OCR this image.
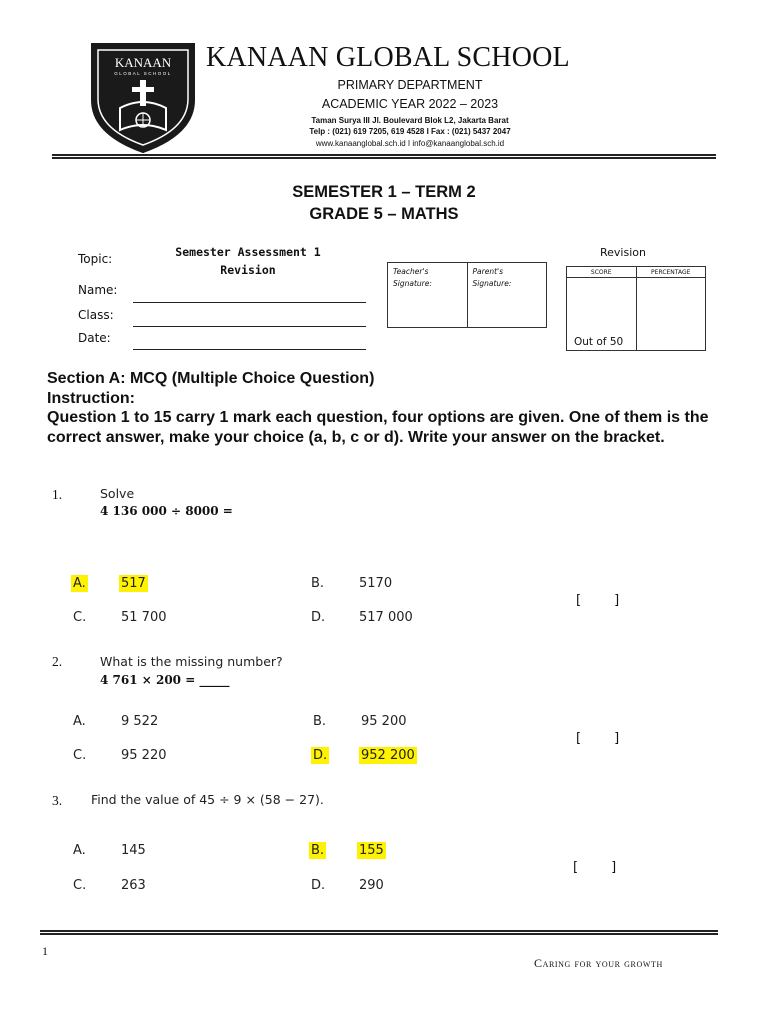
KANAAN
GLOBAL SCHOOL
KANAAN GLOBAL SCHOOL
PRIMARY DEPARTMENT
ACADEMIC YEAR 2022 – 2023
Taman Surya III Jl. Boulevard Blok L2, Jakarta Barat
Telp : (021) 619 7205, 619 4528 I Fax : (021) 5437 2047
www.kanaanglobal.sch.id I info@kanaanglobal.sch.id
SEMESTER 1 – TERM 2
GRADE 5 – MATHS
Topic:	Semester Assessment 1
Revision
Name:
Class:
Date:
Teacher's Signature:
Parent's Signature:
Revision
SCORE	PERCENTAGE
Out of 50
Section A: MCQ (Multiple Choice Question)
Instruction:
Question 1 to 15 carry 1 mark each question, four options are given. One of them is the correct answer, make your choice (a, b, c or d). Write your answer on the bracket.
1.	Solve
4 136 000 ÷ 8000 =
A.	517	B.	5170
C.	51 700	D.	517 000
[        ]
2.	What is the missing number?
4 761 × 200 = _____
A.	9 522	B.	95 200
C.	95 220	D.	952 200
[        ]
3. Find the value of 45 ÷ 9 × (58 − 27).
A.	145	B.	155
C.	263	D.	290
[        ]
1
Caring for your growth
